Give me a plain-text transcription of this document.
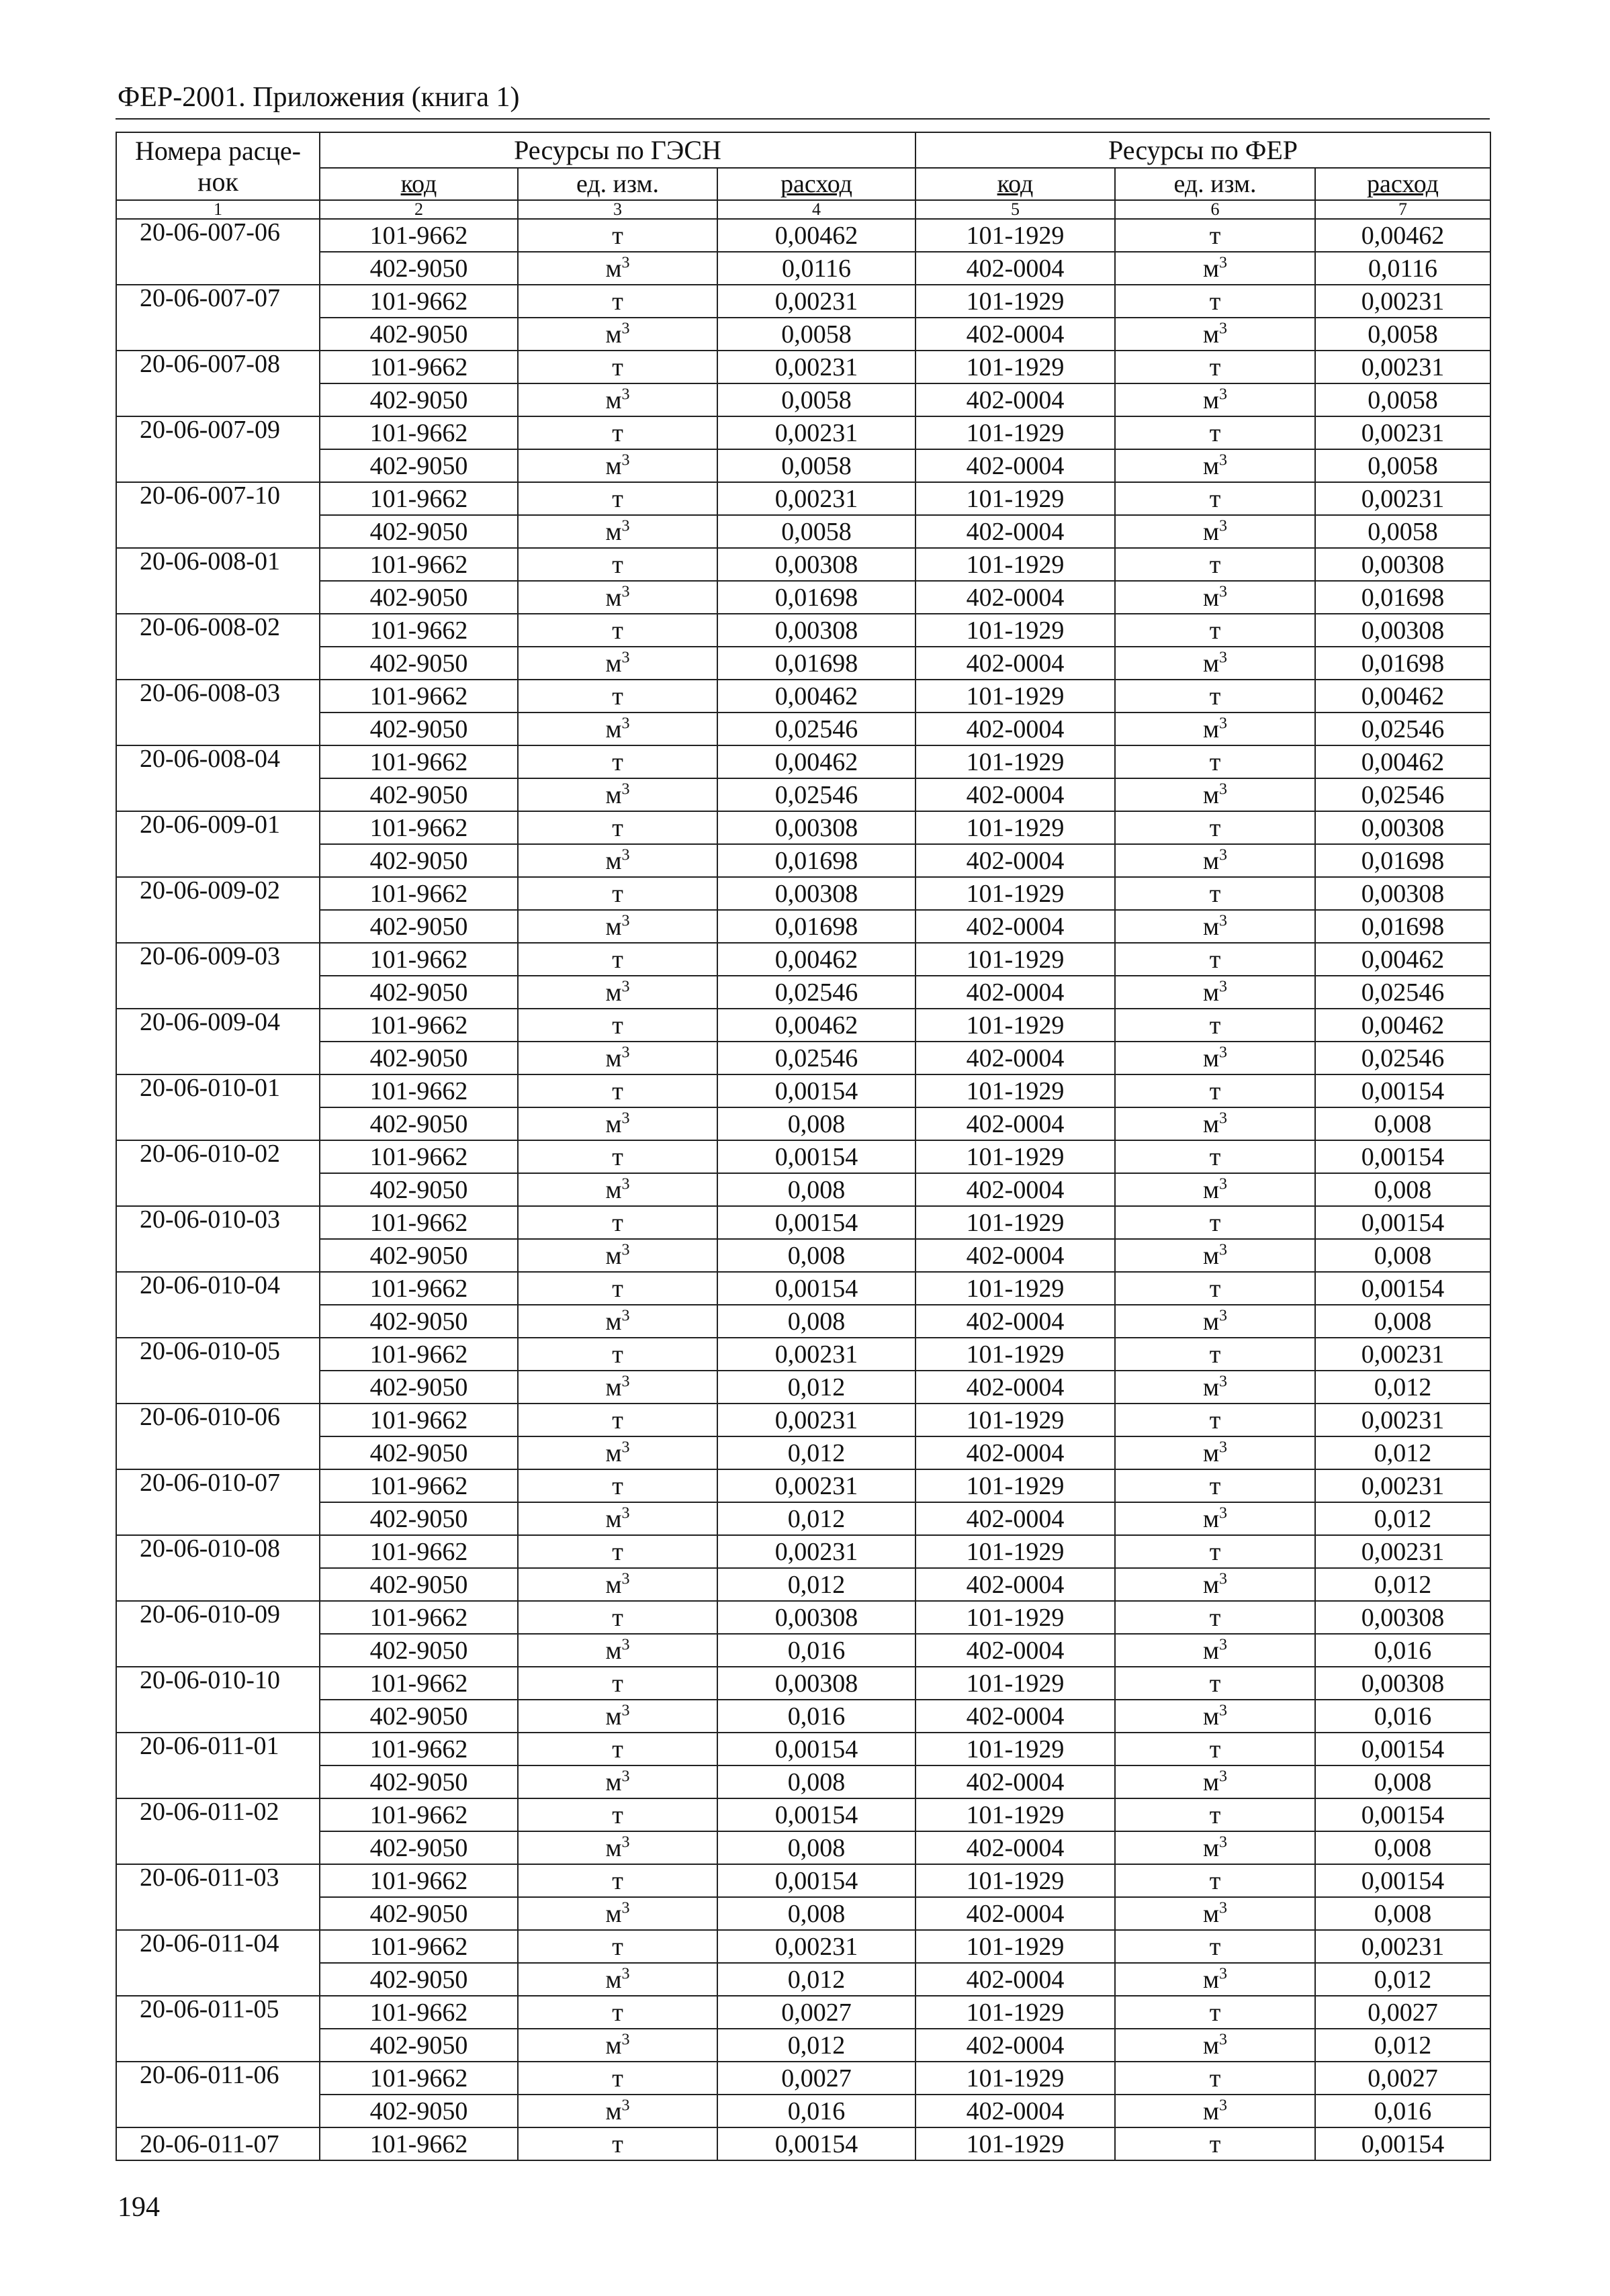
ФЕР-2001. Приложения (книга 1)
Номера расце-
нок	Ресурсы по ГЭСН			Ресурсы по ФЕР		
	код	ед. изм.	расход	код	ед. изм.	расход
1	2	3	4	5	6	7
20-06-007-06	101-9662	т	0,00462	101-1929	т	0,00462
	402-9050	$м^3$	0,0116	402-0004	$м^3$	0,0116
20-06-007-07	101-9662	т	0,00231	101-1929	т	0,00231
	402-9050	$м^3$	0,0058	402-0004	$м^3$	0,0058
20-06-007-08	101-9662	т	0,00231	101-1929	т	0,00231
	402-9050	$м^3$	0,0058	402-0004	$м^3$	0,0058
20-06-007-09	101-9662	т	0,00231	101-1929	т	0,00231
	402-9050	$м^3$	0,0058	402-0004	$м^3$	0,0058
20-06-007-10	101-9662	т	0,00231	101-1929	т	0,00231
	402-9050	$м^3$	0,0058	402-0004	$м^3$	0,0058
20-06-008-01	101-9662	т	0,00308	101-1929	т	0,00308
	402-9050	$м^3$	0,01698	402-0004	$м^3$	0,01698
20-06-008-02	101-9662	т	0,00308	101-1929	т	0,00308
	402-9050	$м^3$	0,01698	402-0004	$м^3$	0,01698
20-06-008-03	101-9662	т	0,00462	101-1929	т	0,00462
	402-9050	$м^3$	0,02546	402-0004	$м^3$	0,02546
20-06-008-04	101-9662	т	0,00462	101-1929	т	0,00462
	402-9050	$м^3$	0,02546	402-0004	$м^3$	0,02546
20-06-009-01	101-9662	т	0,00308	101-1929	т	0,00308
	402-9050	$м^3$	0,01698	402-0004	$м^3$	0,01698
20-06-009-02	101-9662	т	0,00308	101-1929	т	0,00308
	402-9050	$м^3$	0,01698	402-0004	$м^3$	0,01698
20-06-009-03	101-9662	т	0,00462	101-1929	т	0,00462
	402-9050	$м^3$	0,02546	402-0004	$м^3$	0,02546
20-06-009-04	101-9662	т	0,00462	101-1929	т	0,00462
	402-9050	$м^3$	0,02546	402-0004	$м^3$	0,02546
20-06-010-01	101-9662	т	0,00154	101-1929	т	0,00154
	402-9050	$м^3$	0,008	402-0004	$м^3$	0,008
20-06-010-02	101-9662	т	0,00154	101-1929	т	0,00154
	402-9050	$м^3$	0,008	402-0004	$м^3$	0,008
20-06-010-03	101-9662	т	0,00154	101-1929	т	0,00154
	402-9050	$м^3$	0,008	402-0004	$м^3$	0,008
20-06-010-04	101-9662	т	0,00154	101-1929	т	0,00154
	402-9050	$м^3$	0,008	402-0004	$м^3$	0,008
20-06-010-05	101-9662	т	0,00231	101-1929	т	0,00231
	402-9050	$м^3$	0,012	402-0004	$м^3$	0,012
20-06-010-06	101-9662	т	0,00231	101-1929	т	0,00231
	402-9050	$м^3$	0,012	402-0004	$м^3$	0,012
20-06-010-07	101-9662	т	0,00231	101-1929	т	0,00231
	402-9050	$м^3$	0,012	402-0004	$м^3$	0,012
20-06-010-08	101-9662	т	0,00231	101-1929	т	0,00231
	402-9050	$м^3$	0,012	402-0004	$м^3$	0,012
20-06-010-09	101-9662	т	0,00308	101-1929	т	0,00308
	402-9050	$м^3$	0,016	402-0004	$м^3$	0,016
20-06-010-10	101-9662	т	0,00308	101-1929	т	0,00308
	402-9050	$м^3$	0,016	402-0004	$м^3$	0,016
20-06-011-01	101-9662	т	0,00154	101-1929	т	0,00154
	402-9050	$м^3$	0,008	402-0004	$м^3$	0,008
20-06-011-02	101-9662	т	0,00154	101-1929	т	0,00154
	402-9050	$м^3$	0,008	402-0004	$м^3$	0,008
20-06-011-03	101-9662	т	0,00154	101-1929	т	0,00154
	402-9050	$м^3$	0,008	402-0004	$м^3$	0,008
20-06-011-04	101-9662	т	0,00231	101-1929	т	0,00231
	402-9050	$м^3$	0,012	402-0004	$м^3$	0,012
20-06-011-05	101-9662	т	0,0027	101-1929	т	0,0027
	402-9050	$м^3$	0,012	402-0004	$м^3$	0,012
20-06-011-06	101-9662	т	0,0027	101-1929	т	0,0027
	402-9050	$м^3$	0,016	402-0004	$м^3$	0,016
20-06-011-07	101-9662	т	0,00154	101-1929	т	0,00154
194
